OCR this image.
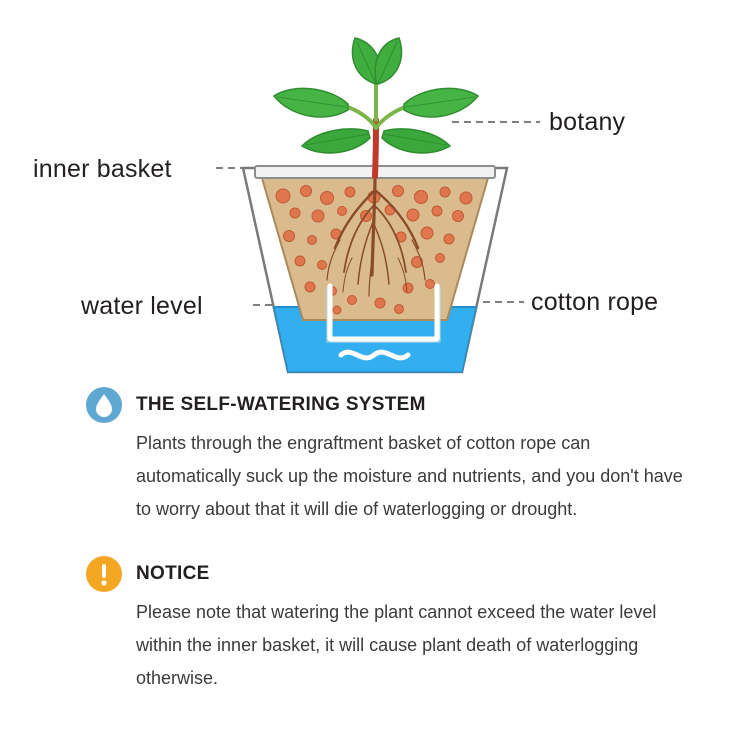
botany
inner basket
water level	cotton rope
THE SELF-WATERING SYSTEM
Plants through the engraftment basket of cotton rope can automatically suck up the moisture and nutrients, and you don't have to worry about that it will die of waterlogging or drought.
NOTICE
Please note that watering the plant cannot exceed the water level within the inner basket, it will cause plant death of waterlogging otherwise.
